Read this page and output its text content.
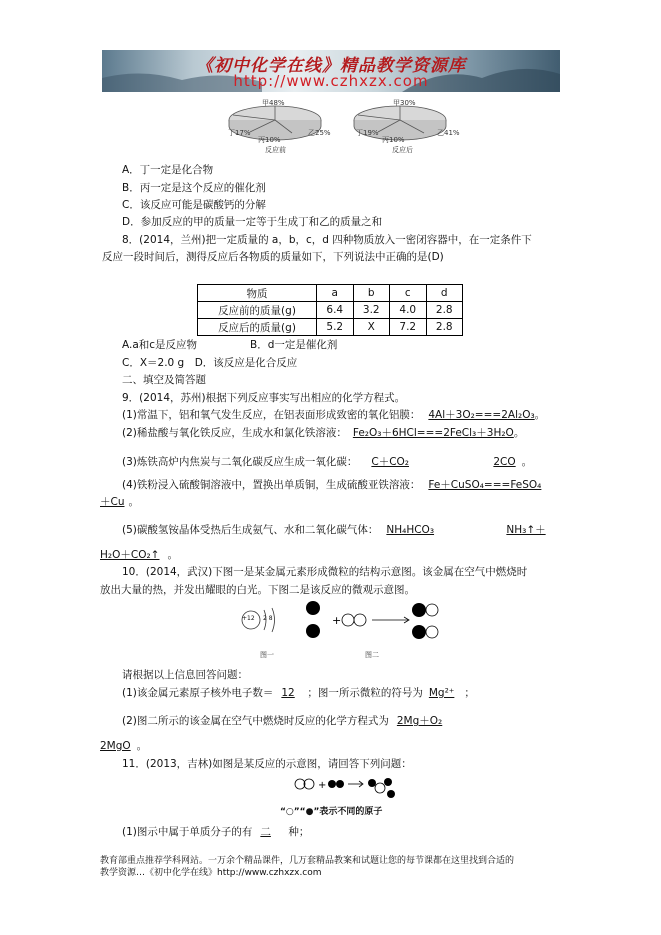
《初中化学在线》精品教学资源库
http://www.czhxzx.com
甲48%
丁17%
丙10%
乙25%
反应前
甲30%
丁19%
丙10%
乙41%
反应后
A．丁一定是化合物
B．丙一定是这个反应的催化剂
C．该反应可能是碳酸钙的分解
D．参加反应的甲的质量一定等于生成丁和乙的质量之和
8．(2014，兰州)把一定质量的 a，b，c，d 四种物质放入一密闭容器中，在一定条件下
反应一段时间后，测得反应后各物质的质量如下，下列说法中正确的是(D)
物质	a	b	c	d
反应前的质量(g)	6.4	3.2	4.0	2.8
反应后的质量(g)	5.2	X	7.2	2.8
A.a和c是反应物	B．d一定是催化剂
C．X＝2.0 g　D．该反应是化合反应
二、填空及简答题
9．(2014，苏州)根据下列反应事实写出相应的化学方程式。
(1)常温下，铝和氧气发生反应，在铝表面形成致密的氧化铝膜： 4Al＋3O₂===2Al₂O₃。
(2)稀盐酸与氧化铁反应，生成水和氯化铁溶液： Fe₂O₃＋6HCl===2FeCl₃＋3H₂O。
(3)炼铁高炉内焦炭与二氧化碳反应生成一氧化碳： C＋CO₂	2CO 。
(4)铁粉浸入硫酸铜溶液中，置换出单质铜，生成硫酸亚铁溶液： Fe＋CuSO₄===FeSO₄
＋Cu 。
(5)碳酸氢铵晶体受热后生成氨气、水和二氧化碳气体： NH₄HCO₃	NH₃↑＋
H₂O＋CO₂↑ 。
10．(2014，武汉)下图一是某金属元素形成微粒的结构示意图。该金属在空气中燃烧时
放出大量的热，并发出耀眼的白光。下图二是该反应的微观示意图。
+
+12 2 8
图一	图二
请根据以上信息回答问题：
(1)该金属元素原子核外电子数＝ 12 ；图一所示微粒的符号为 Mg²⁺ ；
(2)图二所示的该金属在空气中燃烧时反应的化学方程式为 2Mg＋O₂
2MgO 。
11．(2013，吉林)如图是某反应的示意图，请回答下列问题：
+
“○”“●”表示不同的原子
(1)图示中属于单质分子的有 二 种；
教育部重点推荐学科网站。一万余个精品课件，几万套精品教案和试题让您的每节课都在这里找到合适的
教学资源…《初中化学在线》http://www.czhxzx.com
